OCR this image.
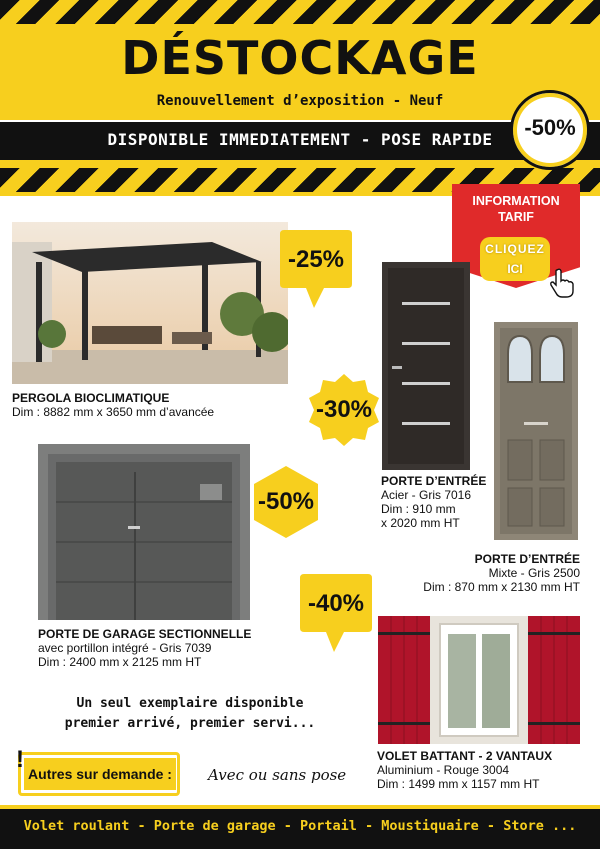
DÉSTOCKAGE
Renouvellement d’exposition - Neuf
DISPONIBLE IMMEDIATEMENT - POSE RAPIDE	-50%
INFORMATION
TARIF
CLIQUEZ
ICI
PERGOLA BIOCLIMATIQUE
Dim : 8882 mm x 3650 mm d’avancée
-25%
PORTE D’ENTRÉE
Acier - Gris 7016
Dim : 910 mm
x 2020 mm HT
-30%
PORTE D’ENTRÉE
Mixte - Gris 2500
Dim : 870 mm x 2130 mm HT
PORTE DE GARAGE SECTIONNELLE
avec portillon intégré - Gris 7039
Dim : 2400 mm x 2125 mm HT
-50%
-40%
VOLET BATTANT - 2 VANTAUX
Aluminium - Rouge 3004
Dim : 1499 mm x 1157 mm HT
Un seul exemplaire disponible
premier arrivé, premier servi...
Autres sur demande :
!
Avec ou sans pose
Volet roulant - Porte de garage - Portail - Moustiquaire - Store ...
